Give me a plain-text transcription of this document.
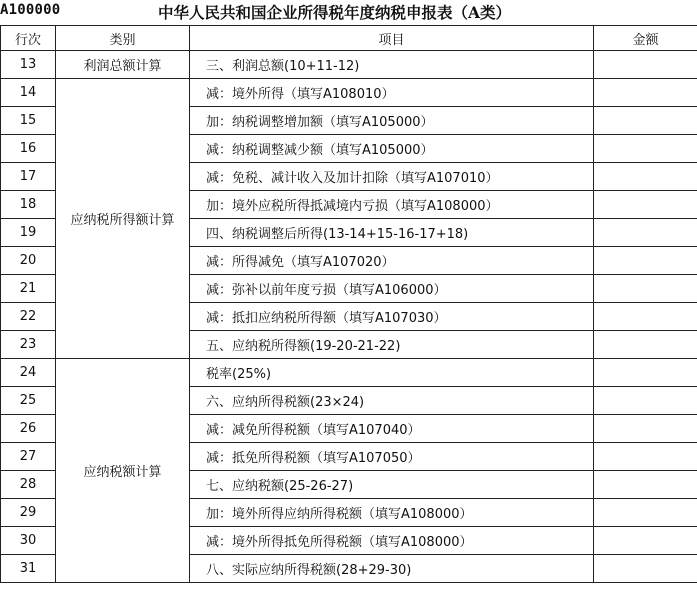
A100000	中华人民共和国企业所得税年度纳税申报表（A类）
行次	类别	项目	金额
13	利润总额计算	三、利润总额(10+11-12)	
14	应纳税所得额计算	减：境外所得（填写A108010）	
15		加：纳税调整增加额（填写A105000）	
16		减：纳税调整减少额（填写A105000）	
17		减：免税、减计收入及加计扣除（填写A107010）	
18		加：境外应税所得抵减境内亏损（填写A108000）	
19		四、纳税调整后所得(13-14+15-16-17+18)	
20		减：所得减免（填写A107020）	
21		减：弥补以前年度亏损（填写A106000）	
22		减：抵扣应纳税所得额（填写A107030）	
23		五、应纳税所得额(19-20-21-22)	
24	应纳税额计算	税率(25%)	
25		六、应纳所得税额(23×24)	
26		减：减免所得税额（填写A107040）	
27		减：抵免所得税额（填写A107050）	
28		七、应纳税额(25-26-27)	
29		加：境外所得应纳所得税额（填写A108000）	
30		减：境外所得抵免所得税额（填写A108000）	
31		八、实际应纳所得税额(28+29-30)	
